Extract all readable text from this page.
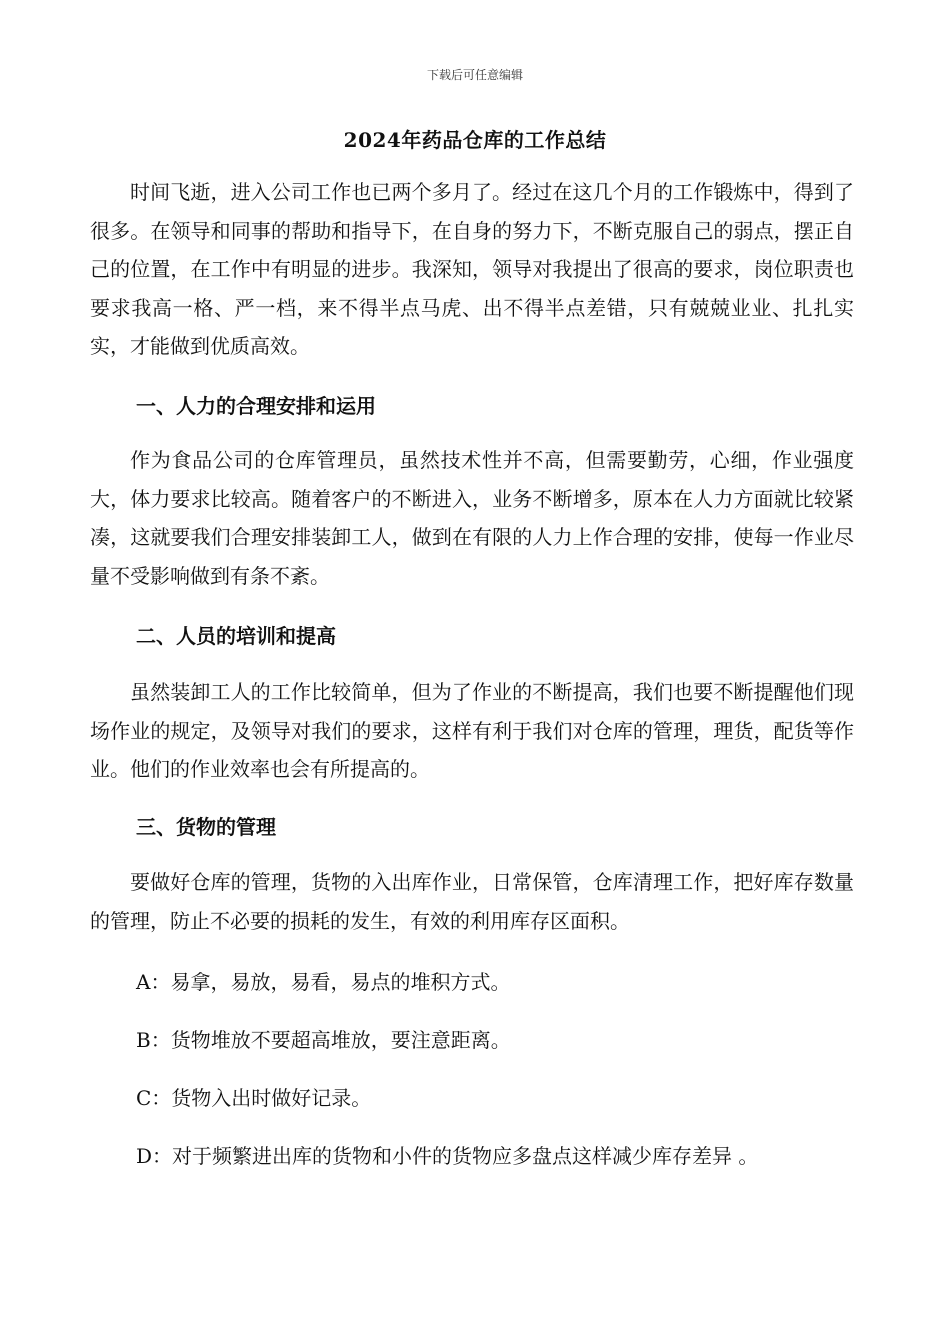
下载后可任意编辑
2024年药品仓库的工作总结

时间飞逝，进入公司工作也已两个多月了。经过在这几个月的工作锻炼中，得到了很多。在领导和同事的帮助和指导下，在自身的努力下，不断克服自己的弱点，摆正自己的位置，在工作中有明显的进步。我深知，领导对我提出了很高的要求，岗位职责也要求我高一格、严一档，来不得半点马虎、出不得半点差错，只有兢兢业业、扎扎实实，才能做到优质高效。

一、人力的合理安排和运用

作为食品公司的仓库管理员，虽然技术性并不高，但需要勤劳，心细，作业强度大，体力要求比较高。随着客户的不断进入，业务不断增多，原本在人力方面就比较紧凑，这就要我们合理安排装卸工人，做到在有限的人力上作合理的安排，使每一作业尽量不受影响做到有条不紊。

二、人员的培训和提高

虽然装卸工人的工作比较简单，但为了作业的不断提高，我们也要不断提醒他们现场作业的规定，及领导对我们的要求，这样有利于我们对仓库的管理，理货，配货等作业。他们的作业效率也会有所提高的。

三、货物的管理

要做好仓库的管理，货物的入出库作业，日常保管，仓库清理工作，把好库存数量的管理，防止不必要的损耗的发生，有效的利用库存区面积。

A：易拿，易放，易看，易点的堆积方式。

B：货物堆放不要超高堆放，要注意距离。

C：货物入出时做好记录。

D：对于频繁进出库的货物和小件的货物应多盘点这样减少库存差异 。
